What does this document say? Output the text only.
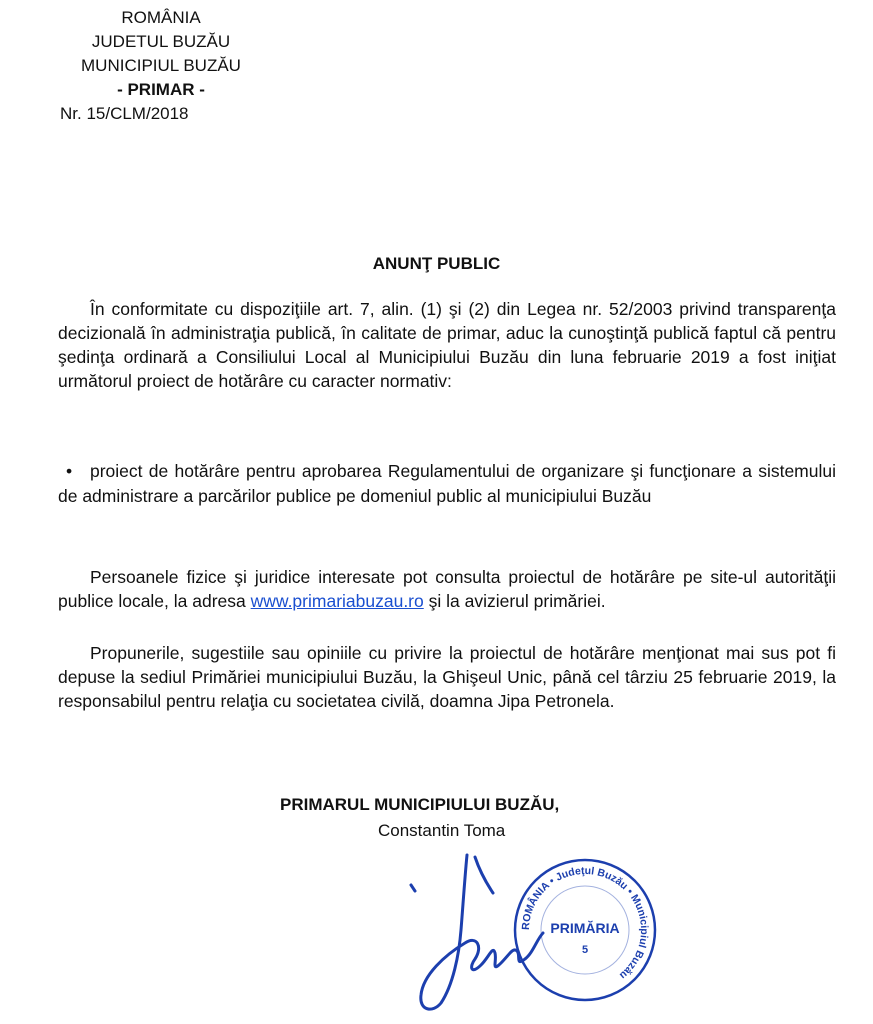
ROMÂNIA
JUDETUL BUZĂU
MUNICIPIUL BUZĂU
- PRIMAR -
Nr. 15/CLM/2018
ANUNŢ PUBLIC
În conformitate cu dispoziţiile art. 7, alin. (1) şi (2) din Legea nr. 52/2003 privind transparenţa decizională în administraţia publică, în calitate de primar, aduc la cunoştinţă publică faptul că pentru şedinţa ordinară a Consiliului Local al Municipiului Buzău din luna februarie 2019 a fost iniţiat următorul proiect de hotărâre cu caracter normativ:
•	proiect de hotărâre pentru aprobarea Regulamentului de organizare şi funcţionare a sistemului de administrare a parcărilor publice pe domeniul public al municipiului Buzău
Persoanele fizice şi juridice interesate pot consulta proiectul de hotărâre pe site-ul autorităţii publice locale, la adresa www.primariabuzau.ro şi la avizierul primăriei.
Propunerile, sugestiile sau opiniile cu privire la proiectul de hotărâre menţionat mai sus pot fi depuse la sediul Primăriei municipiului Buzău, la Ghişeul Unic, până cel târziu 25 februarie 2019, la responsabilul pentru relaţia cu societatea civilă, doamna Jipa Petronela.
PRIMARUL MUNICIPIULUI BUZĂU,
Constantin Toma
ROMÂNIA • Judeţul Buzău • Municipiul Buzău
PRIMĂRIA
5
